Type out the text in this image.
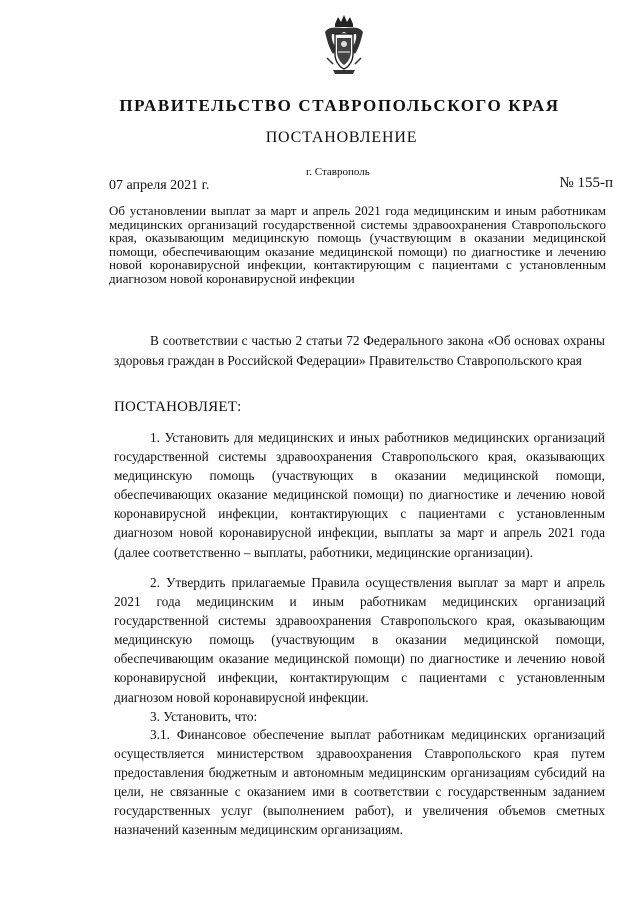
ПРАВИТЕЛЬСТВО СТАВРОПОЛЬСКОГО КРАЯ
ПОСТАНОВЛЕНИЕ
г. Ставрополь
07 апреля 2021 г.	№ 155-п
Об установлении выплат за март и апрель 2021 года медицинским и иным работникам медицинских организаций государственной системы здравоохранения Ставропольского края, оказывающим медицинскую помощь (участвующим в оказании медицинской помощи, обеспечивающим оказание медицинской помощи) по диагностике и лечению новой коронавирусной инфекции, контактирующим с пациентами с установленным диагнозом новой коронавирусной инфекции

В соответствии с частью 2 статьи 72 Федерального закона «Об основах охраны здоровья граждан в Российской Федерации» Правительство Ставропольского края

ПОСТАНОВЛЯЕТ:

1. Установить для медицинских и иных работников медицинских организаций государственной системы здравоохранения Ставропольского края, оказывающих медицинскую помощь (участвующих в оказании медицинской помощи, обеспечивающих оказание медицинской помощи) по диагностике и лечению новой коронавирусной инфекции, контактирующих с пациентами с установленным диагнозом новой коронавирусной инфекции, выплаты за март и апрель 2021 года (далее соответственно – выплаты, работники, медицинские организации).

2. Утвердить прилагаемые Правила осуществления выплат за март и апрель 2021 года медицинским и иным работникам медицинских организаций государственной системы здравоохранения Ставропольского края, оказывающим медицинскую помощь (участвующим в оказании медицинской помощи, обеспечивающим оказание медицинской помощи) по диагностике и лечению новой коронавирусной инфекции, контактирующим с пациентами с установленным диагнозом новой коронавирусной инфекции.

3. Установить, что:

3.1. Финансовое обеспечение выплат работникам медицинских организаций осуществляется министерством здравоохранения Ставропольского края путем предоставления бюджетным и автономным медицинским организациям субсидий на цели, не связанные с оказанием ими в соответствии с государственным заданием государственных услуг (выполнением работ), и увеличения объемов сметных назначений казенным медицинским организациям.
